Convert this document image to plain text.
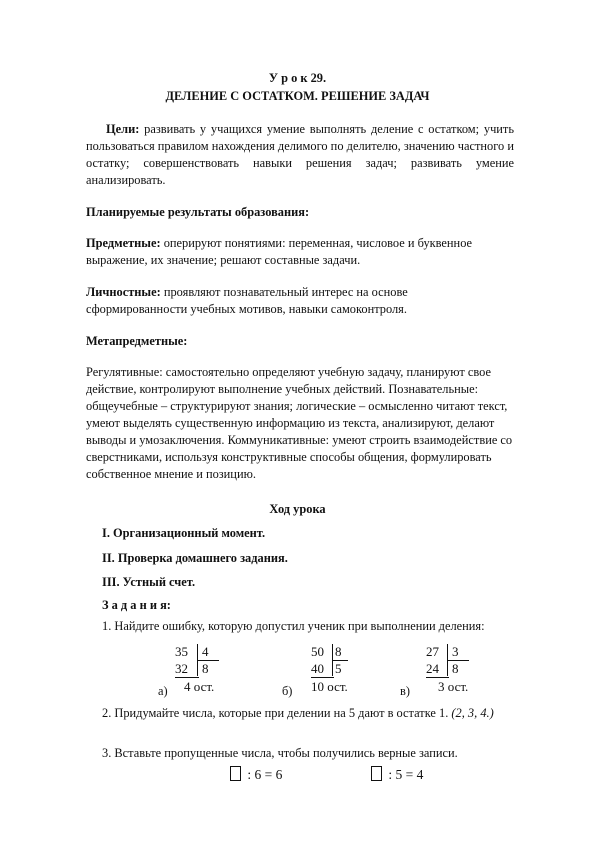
У р о к 29.
ДЕЛЕНИЕ С ОСТАТКОМ. РЕШЕНИЕ ЗАДАЧ
Цели: развивать у учащихся умение выполнять деление с остатком; учить пользоваться правилом нахождения делимого по делителю, значению частного и остатку; совершенствовать навыки решения задач; развивать умение анализировать.
Планируемые результаты образования:
Предметные: оперируют понятиями: переменная, числовое и буквенное выражение, их значение; решают составные задачи.
Личностные: проявляют познавательный интерес на основе сформированности учебных мотивов, навыки самоконтроля.
Метапредметные:
Регулятивные: самостоятельно определяют учебную задачу, планируют свое действие, контролируют выполнение учебных действий. Познавательные: общеучебные – структурируют знания; логические – осмысленно читают текст, умеют выделять существенную информацию из текста, анализируют, делают выводы и умозаключения. Коммуникативные: умеют строить взаимодействие со сверстниками, используя конструктивные способы общения, формулировать собственное мнение и позицию.
Ход урока
I. Организационный момент.
II. Проверка домашнего задания.
III. Устный счет.
З а д а н и я:
1. Найдите ошибку, которую допустил ученик при выполнении деления:
35 4
32 8
4 ост.
а)
50 8
40 5
10 ост.
б)
27 3
24 8
3 ост.
в)
2. Придумайте числа, которые при делении на 5 дают в остатке 1. (2, 3, 4.)
3. Вставьте пропущенные числа, чтобы получились верные записи.
: 6 = 6	: 5 = 4
